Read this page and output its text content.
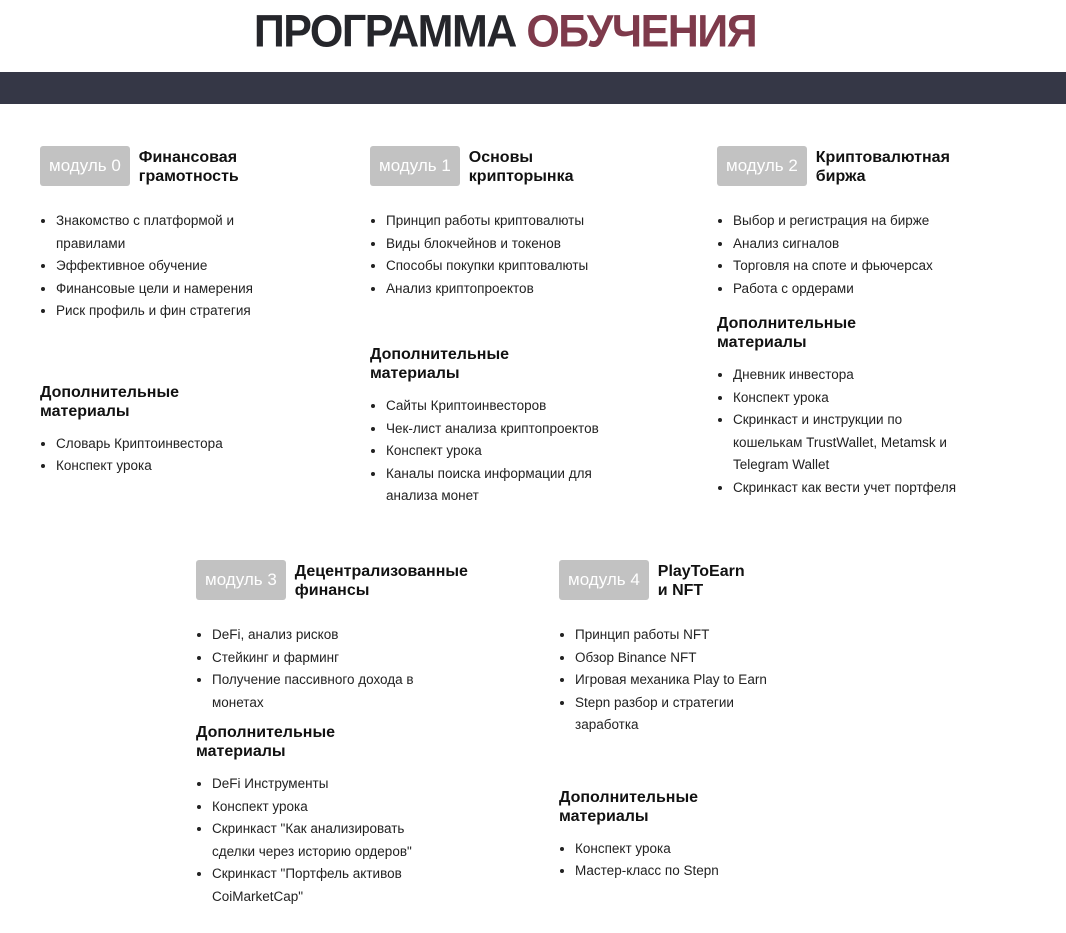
ПРОГРАММА ОБУЧЕНИЯ
модуль 0	Финансовая грамотность
Знакомство с платформой и правилами
Эффективное обучение
Финансовые цели и намерения
Риск профиль и фин стратегия
Дополнительные материалы
Словарь Криптоинвестора
Конспект урока
модуль 1	Основы крипторынка
Принцип работы криптовалюты
Виды блокчейнов и токенов
Способы покупки криптовалюты
Анализ криптопроектов
Дополнительные материалы
Сайты Криптоинвесторов
Чек-лист анализа криптопроектов
Конспект урока
Каналы поиска информации для анализа монет
модуль 2	Криптовалютная биржа
Выбор и регистрация на бирже
Анализ сигналов
Торговля на споте и фьючерсах
Работа с ордерами
Дополнительные материалы
Дневник инвестора
Конспект урока
Скринкаст и инструкции по кошелькам TrustWallet, Metamsk и Telegram Wallet
Скринкаст как вести учет портфеля
модуль 3	Децентрализованные финансы
DeFi, анализ рисков
Стейкинг и фарминг
Получение пассивного дохода в монетах
Дополнительные материалы
DeFi Инструменты
Конспект урока
Скринкаст "Как анализировать сделки через историю ордеров"
Скринкаст "Портфель активов CoiMarketCap"
модуль 4	PlayToEarn и NFT
Принцип работы NFT
Обзор Binance NFT
Игровая механика Play to Earn
Stepn разбор и стратегии заработка
Дополнительные материалы
Конспект урока
Мастер-класс по Stepn
